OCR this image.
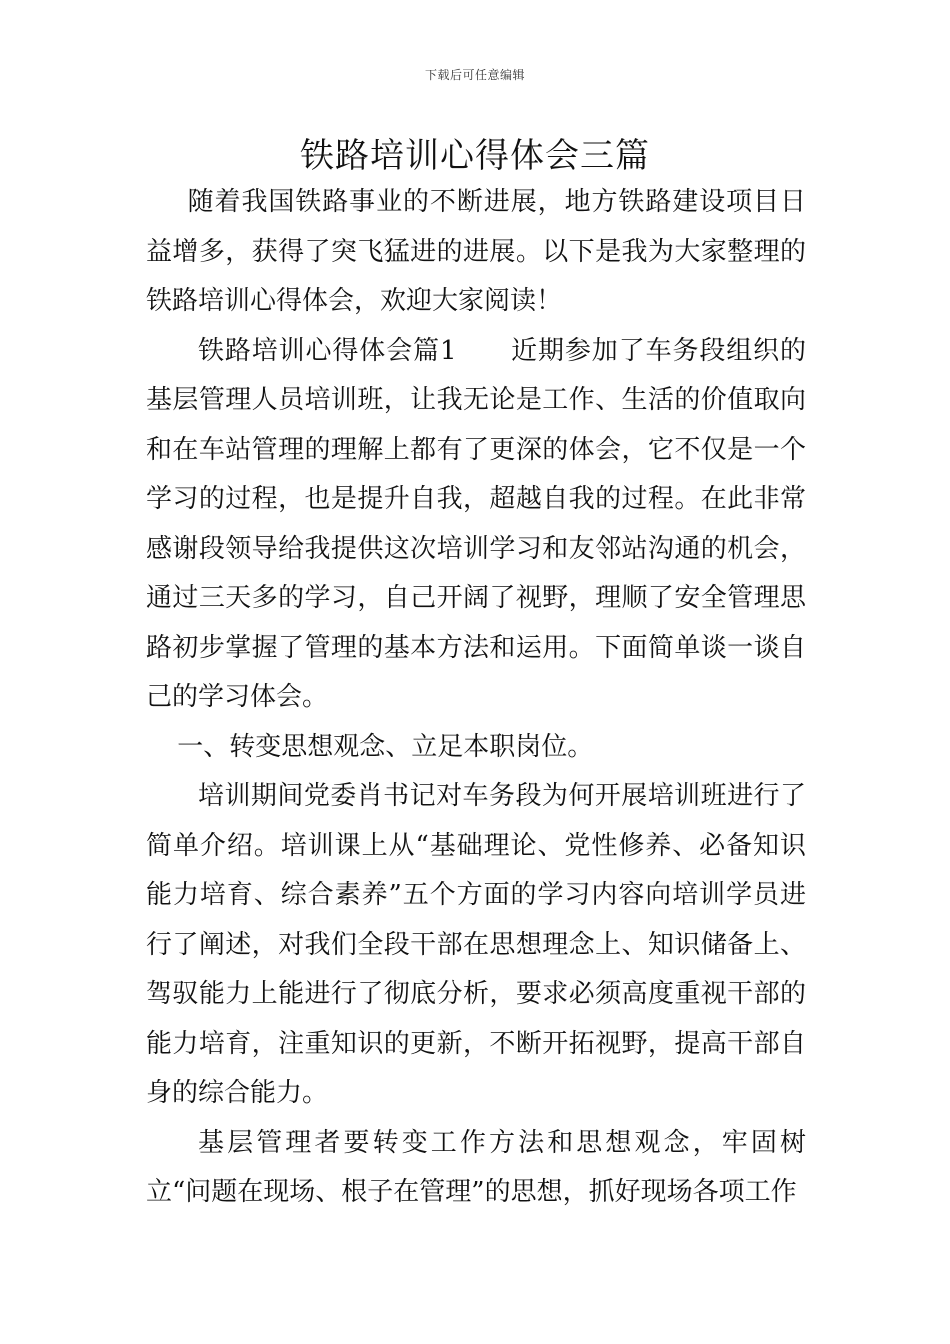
下载后可任意编辑
铁路培训心得体会三篇

随着我国铁路事业的不断进展，地方铁路建设项目日益增多，获得了突飞猛进的进展。以下是我为大家整理的铁路培训心得体会，欢迎大家阅读！

铁路培训心得体会篇1　　近期参加了车务段组织的基层管理人员培训班，让我无论是工作、生活的价值取向和在车站管理的理解上都有了更深的体会，它不仅是一个学习的过程，也是提升自我，超越自我的过程。在此非常感谢段领导给我提供这次培训学习和友邻站沟通的机会，通过三天多的学习，自己开阔了视野，理顺了安全管理思路初步掌握了管理的基本方法和运用。下面简单谈一谈自己的学习体会。

一、转变思想观念、立足本职岗位。

培训期间党委肖书记对车务段为何开展培训班进行了简单介绍。培训课上从“基础理论、党性修养、必备知识能力培育、综合素养”五个方面的学习内容向培训学员进行了阐述，对我们全段干部在思想理念上、知识储备上、驾驭能力上能进行了彻底分析，要求必须高度重视干部的能力培育，注重知识的更新，不断开拓视野，提高干部自身的综合能力。

基层管理者要转变工作方法和思想观念，牢固树立“问题在现场、根子在管理”的思想，抓好现场各项工作
